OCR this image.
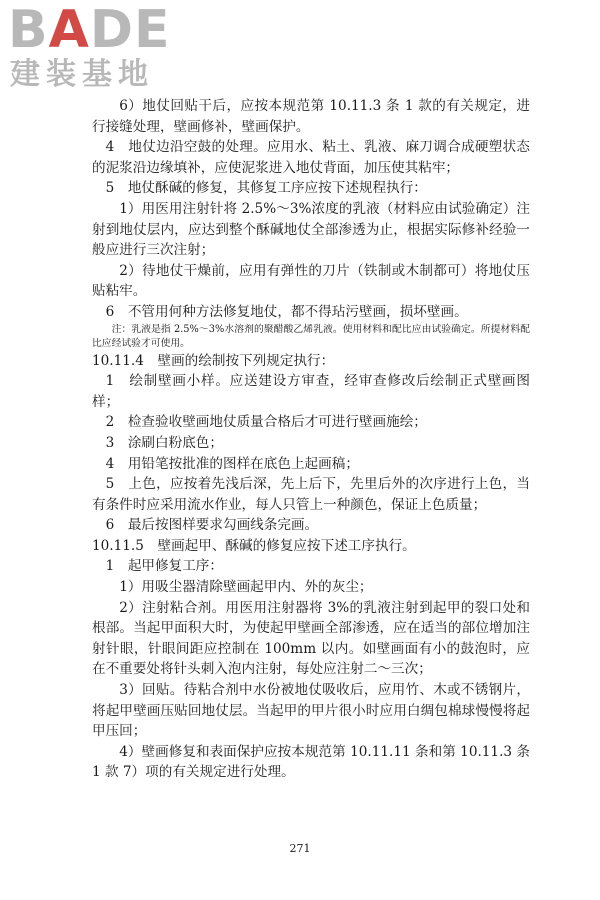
BADE
建装基地

6）地仗回贴干后，应按本规范第 10.11.3 条 1 款的有关规定，进行接缝处理，壁画修补，壁画保护。

4　地仗边沿空鼓的处理。应用水、粘土、乳液、麻刀调合成硬塑状态的泥浆沿边缘填补，应使泥浆进入地仗背面，加压使其粘牢；

5　地仗酥碱的修复，其修复工序应按下述规程执行：

1）用医用注射针将 2.5%～3%浓度的乳液（材料应由试验确定）注射到地仗层内，应达到整个酥碱地仗全部渗透为止，根据实际修补经验一般应进行三次注射；

2）待地仗干燥前，应用有弹性的刀片（铁制或木制都可）将地仗压贴粘牢。

6　不管用何种方法修复地仗，都不得玷污壁画，损坏壁画。

注：乳液是指 2.5%～3%水溶剂的聚醋酸乙烯乳液。使用材料和配比应由试验确定。所提材料配比应经试验才可使用。

10.11.4　壁画的绘制按下列规定执行：

1　绘制壁画小样。应送建设方审查，经审查修改后绘制正式壁画图样；

2　检查验收壁画地仗质量合格后才可进行壁画施绘；

3　涂刷白粉底色；

4　用铅笔按批准的图样在底色上起画稿；

5　上色，应按着先浅后深，先上后下，先里后外的次序进行上色，当有条件时应采用流水作业，每人只管上一种颜色，保证上色质量；

6　最后按图样要求勾画线条完画。

10.11.5　壁画起甲、酥碱的修复应按下述工序执行。

1　起甲修复工序：

1）用吸尘器清除壁画起甲内、外的灰尘；

2）注射粘合剂。用医用注射器将 3%的乳液注射到起甲的裂口处和根部。当起甲面积大时，为使起甲壁画全部渗透，应在适当的部位增加注射针眼，针眼间距应控制在 100mm 以内。如壁画面有小的鼓泡时，应在不重要处将针头刺入泡内注射，每处应注射二～三次；

3）回贴。待粘合剂中水份被地仗吸收后，应用竹、木或不锈钢片，将起甲壁画压贴回地仗层。当起甲的甲片很小时应用白绸包棉球慢慢将起甲压回；

4）壁画修复和表面保护应按本规范第 10.11.11 条和第 10.11.3 条 1 款 7）项的有关规定进行处理。

271
